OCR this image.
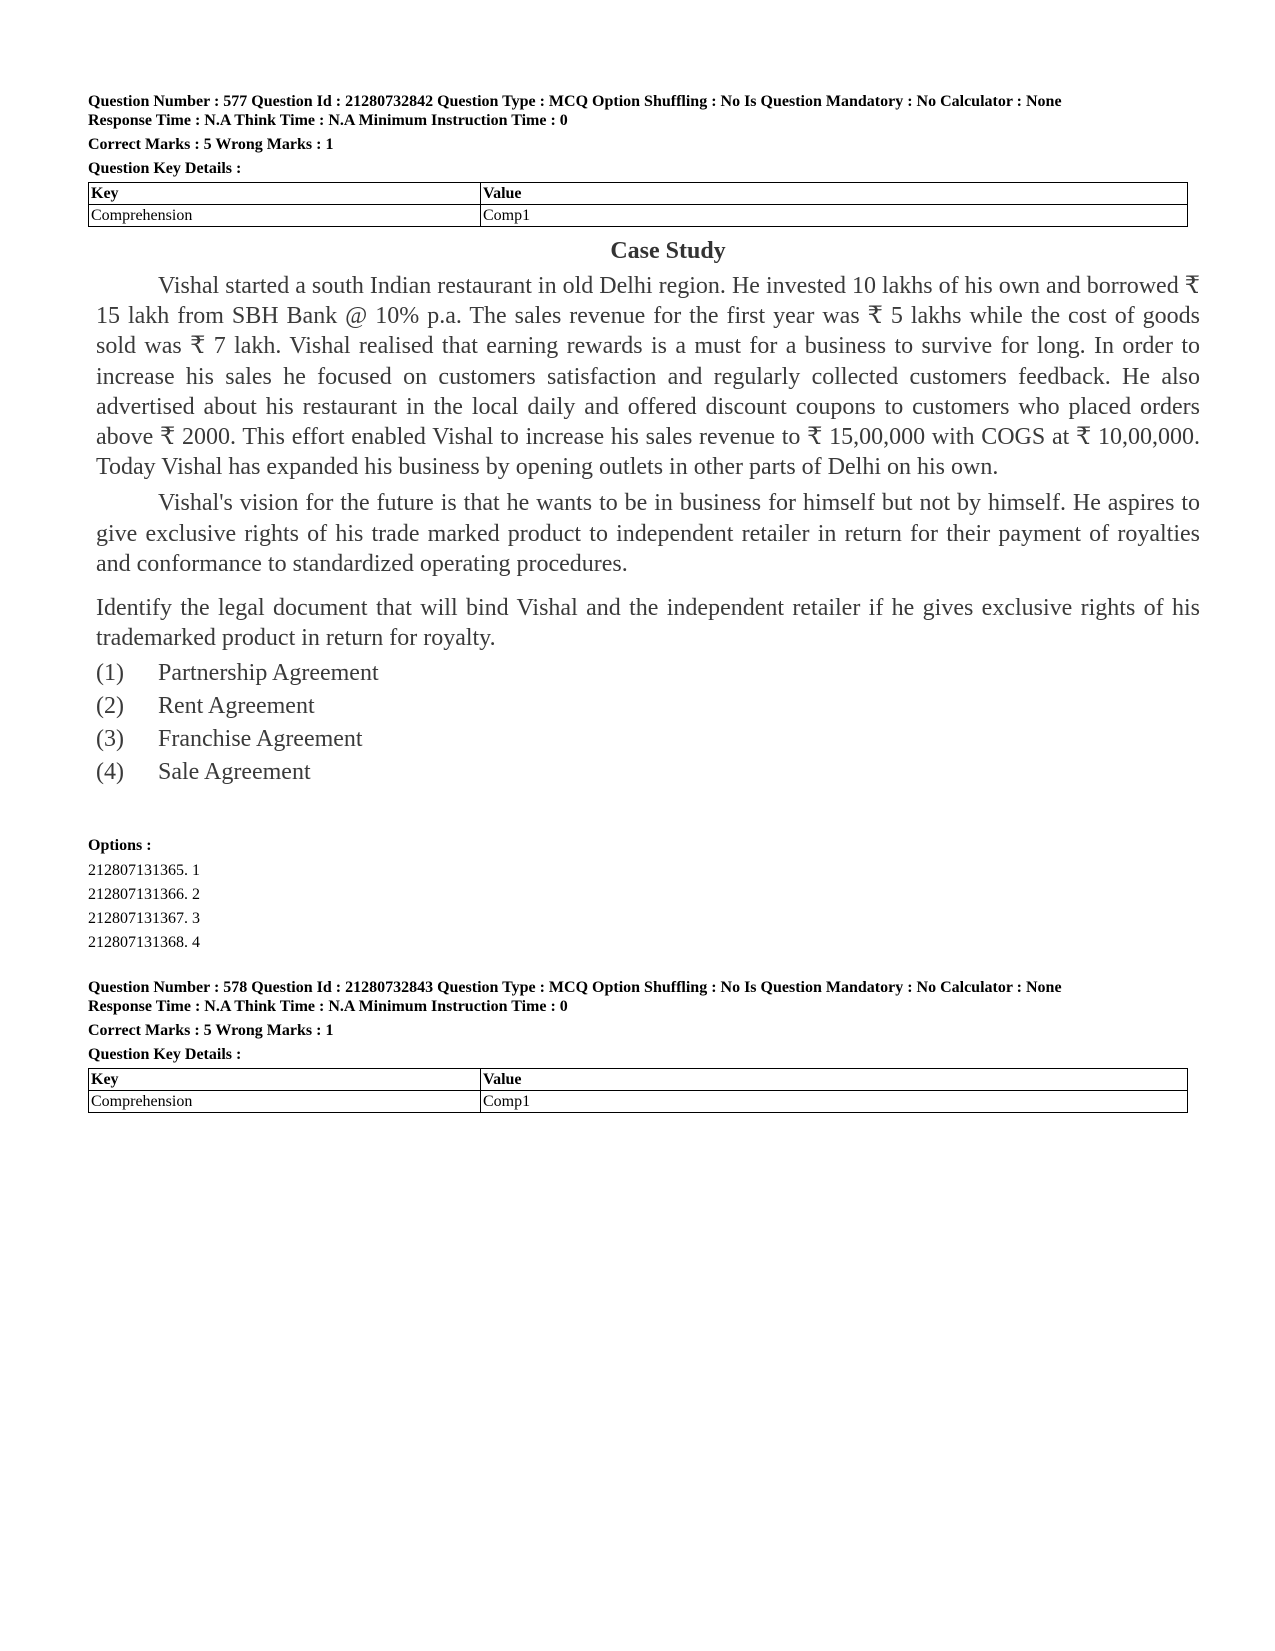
Question Number : 577 Question Id : 21280732842 Question Type : MCQ Option Shuffling : No Is Question Mandatory : No Calculator : None

Response Time : N.A Think Time : N.A Minimum Instruction Time : 0

Correct Marks : 5 Wrong Marks : 1

Question Key Details :

Key	Value
Comprehension	Comp1
Case Study

Vishal started a south Indian restaurant in old Delhi region. He invested 10 lakhs of his own and borrowed ₹ 15 lakh from SBH Bank @ 10% p.a. The sales revenue for the first year was ₹ 5 lakhs while the cost of goods sold was ₹ 7 lakh. Vishal realised that earning rewards is a must for a business to survive for long. In order to increase his sales he focused on customers satisfaction and regularly collected customers feedback. He also advertised about his restaurant in the local daily and offered discount coupons to customers who placed orders above ₹ 2000. This effort enabled Vishal to increase his sales revenue to ₹ 15,00,000 with COGS at ₹ 10,00,000. Today Vishal has expanded his business by opening outlets in other parts of Delhi on his own.

Vishal's vision for the future is that he wants to be in business for himself but not by himself. He aspires to give exclusive rights of his trade marked product to independent retailer in return for their payment of royalties and conformance to standardized operating procedures.

Identify the legal document that will bind Vishal and the independent retailer if he gives exclusive rights of his trademarked product in return for royalty.

(1) Partnership Agreement
(2) Rent Agreement
(3) Franchise Agreement
(4) Sale Agreement
Options :
212807131365. 1
212807131366. 2
212807131367. 3
212807131368. 4

Question Number : 578 Question Id : 21280732843 Question Type : MCQ Option Shuffling : No Is Question Mandatory : No Calculator : None

Response Time : N.A Think Time : N.A Minimum Instruction Time : 0

Correct Marks : 5 Wrong Marks : 1

Question Key Details :

Key	Value
Comprehension	Comp1
